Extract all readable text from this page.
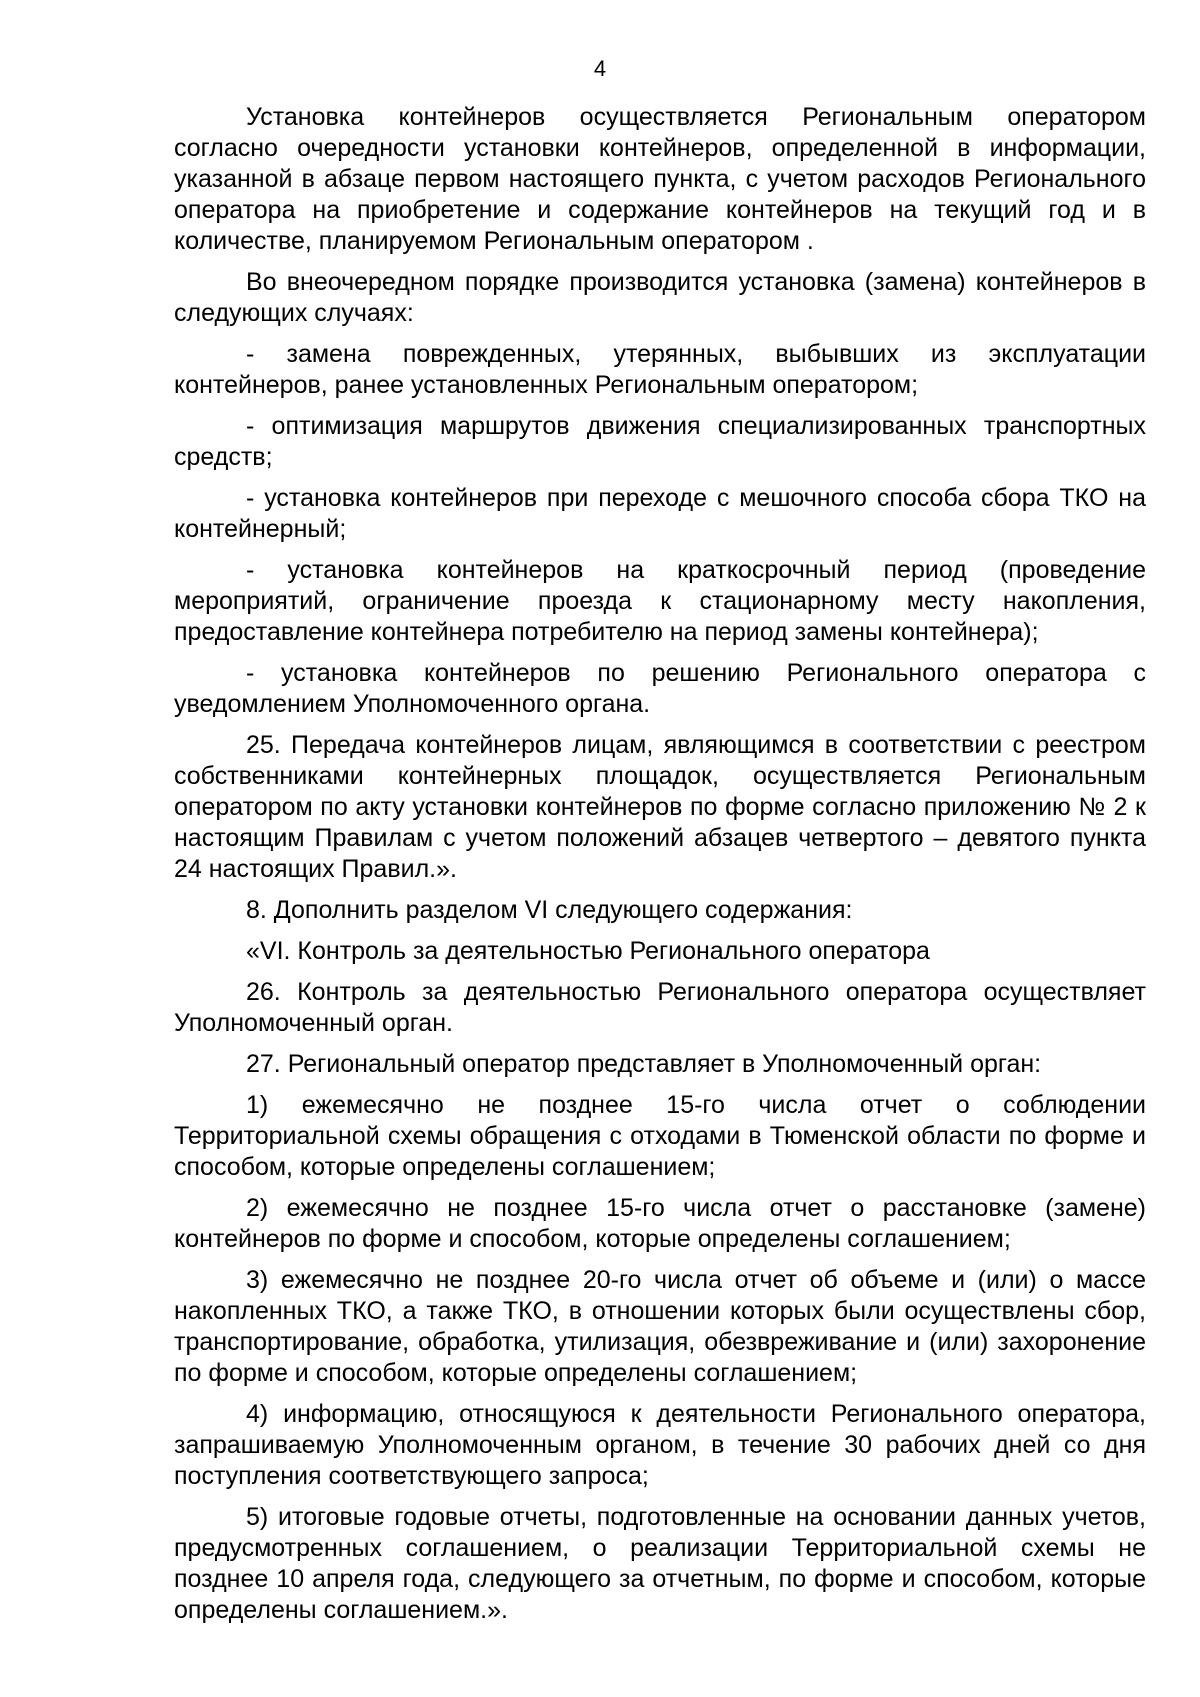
4

Установка контейнеров осуществляется Региональным оператором согласно очередности установки контейнеров, определенной в информации, указанной в абзаце первом настоящего пункта, с учетом расходов Регионального оператора на приобретение и содержание контейнеров на текущий год и в количестве, планируемом Региональным оператором .

Во внеочередном порядке производится установка (замена) контейнеров в следующих случаях:

- замена поврежденных, утерянных, выбывших из эксплуатации контейнеров, ранее установленных Региональным оператором;

- оптимизация маршрутов движения специализированных транспортных средств;

- установка контейнеров при переходе с мешочного способа сбора ТКО на контейнерный;

- установка контейнеров на краткосрочный период (проведение мероприятий, ограничение проезда к стационарному месту накопления, предоставление контейнера потребителю на период замены контейнера);

- установка контейнеров по решению Регионального оператора с уведомлением Уполномоченного органа.

25. Передача контейнеров лицам, являющимся в соответствии с реестром собственниками контейнерных площадок, осуществляется Региональным оператором по акту установки контейнеров по форме согласно приложению № 2 к настоящим Правилам с учетом положений абзацев четвертого – девятого пункта 24 настоящих Правил.».

8. Дополнить разделом VI следующего содержания:

«VI. Контроль за деятельностью Регионального оператора

26. Контроль за деятельностью Регионального оператора осуществляет Уполномоченный орган.

27. Региональный оператор представляет в Уполномоченный орган:

1) ежемесячно не позднее 15-го числа отчет о соблюдении Территориальной схемы обращения с отходами в Тюменской области по форме и способом, которые определены соглашением;

2) ежемесячно не позднее 15-го числа отчет о расстановке (замене) контейнеров по форме и способом, которые определены соглашением;

3) ежемесячно не позднее 20-го числа отчет об объеме и (или) о массе накопленных ТКО, а также ТКО, в отношении которых были осуществлены сбор, транспортирование, обработка, утилизация, обезвреживание и (или) захоронение по форме и способом, которые определены соглашением;

4) информацию, относящуюся к деятельности Регионального оператора, запрашиваемую Уполномоченным органом, в течение 30 рабочих дней со дня поступления соответствующего запроса;

5) итоговые годовые отчеты, подготовленные на основании данных учетов, предусмотренных соглашением, о реализации Территориальной схемы не позднее 10 апреля года, следующего за отчетным, по форме и способом, которые определены соглашением.».
